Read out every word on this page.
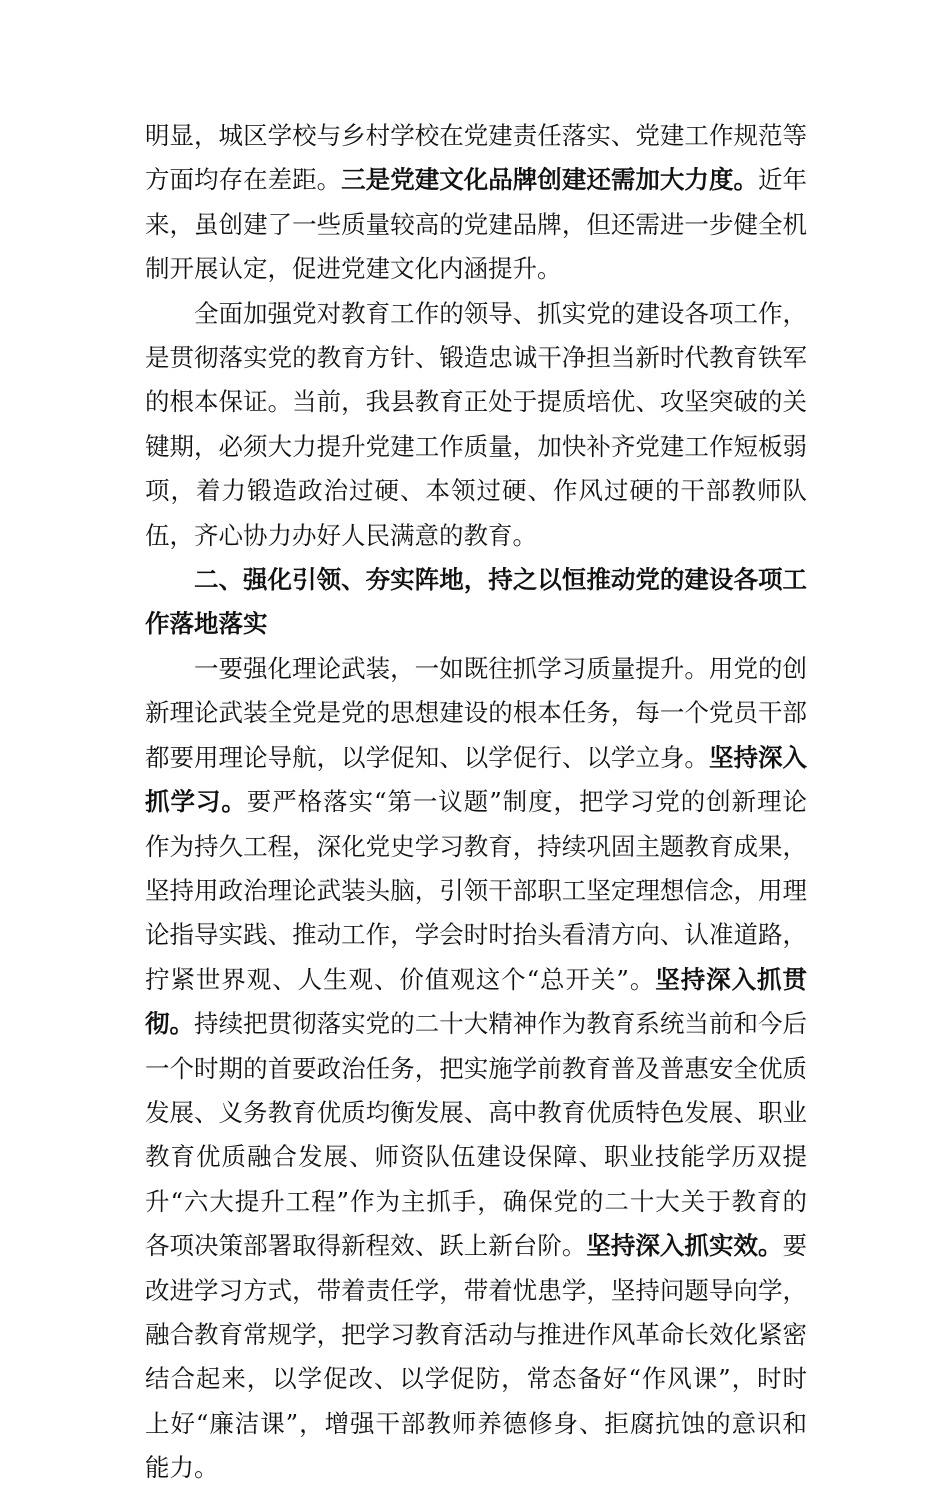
明显，城区学校与乡村学校在党建责任落实、党建工作规范等方面均存在差距。三是党建文化品牌创建还需加大力度。近年来，虽创建了一些质量较高的党建品牌，但还需进一步健全机制开展认定，促进党建文化内涵提升。

全面加强党对教育工作的领导、抓实党的建设各项工作，是贯彻落实党的教育方针、锻造忠诚干净担当新时代教育铁军的根本保证。当前，我县教育正处于提质培优、攻坚突破的关键期，必须大力提升党建工作质量，加快补齐党建工作短板弱项，着力锻造政治过硬、本领过硬、作风过硬的干部教师队伍，齐心协力办好人民满意的教育。

二、强化引领、夯实阵地，持之以恒推动党的建设各项工作落地落实

一要强化理论武装，一如既往抓学习质量提升。用党的创新理论武装全党是党的思想建设的根本任务，每一个党员干部都要用理论导航，以学促知、以学促行、以学立身。坚持深入抓学习。要严格落实“第一议题”制度，把学习党的创新理论作为持久工程，深化党史学习教育，持续巩固主题教育成果，坚持用政治理论武装头脑，引领干部职工坚定理想信念，用理论指导实践、推动工作，学会时时抬头看清方向、认准道路，拧紧世界观、人生观、价值观这个“总开关”。坚持深入抓贯彻。持续把贯彻落实党的二十大精神作为教育系统当前和今后一个时期的首要政治任务，把实施学前教育普及普惠安全优质发展、义务教育优质均衡发展、高中教育优质特色发展、职业教育优质融合发展、师资队伍建设保障、职业技能学历双提升“六大提升工程”作为主抓手，确保党的二十大关于教育的各项决策部署取得新程效、跃上新台阶。坚持深入抓实效。要改进学习方式，带着责任学，带着忧患学，坚持问题导向学，融合教育常规学，把学习教育活动与推进作风革命长效化紧密结合起来，以学促改、以学促防，常态备好“作风课”，时时上好“廉洁课”，增强干部教师养德修身、拒腐抗蚀的意识和能力。
